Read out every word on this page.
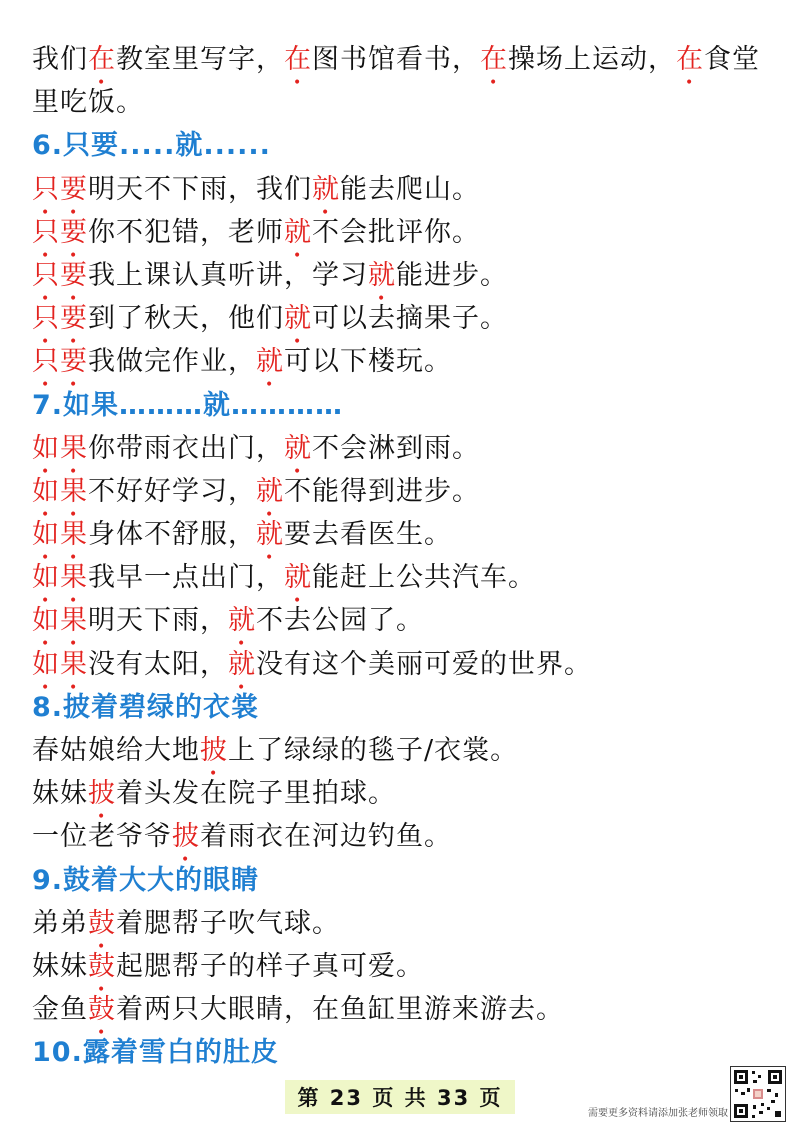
我们在教室里写字，在图书馆看书，在操场上运动，在食堂
里吃饭。
6.只要.....就......
只要明天不下雨，我们就能去爬山。
只要你不犯错，老师就不会批评你。
只要我上课认真听讲，学习就能进步。
只要到了秋天，他们就可以去摘果子。
只要我做完作业，就可以下楼玩。
7.如果………就…………
如果你带雨衣出门，就不会淋到雨。
如果不好好学习，就不能得到进步。
如果身体不舒服，就要去看医生。
如果我早一点出门，就能赶上公共汽车。
如果明天下雨，就不去公园了。
如果没有太阳，就没有这个美丽可爱的世界。
8.披着碧绿的衣裳
春姑娘给大地披上了绿绿的毯子/衣裳。
妹妹披着头发在院子里拍球。
一位老爷爷披着雨衣在河边钓鱼。
9.鼓着大大的眼睛
弟弟鼓着腮帮子吹气球。
妹妹鼓起腮帮子的样子真可爱。
金鱼鼓着两只大眼睛，在鱼缸里游来游去。
10.露着雪白的肚皮
第 23 页 共 33 页
需要更多资料请添加张老师领取
